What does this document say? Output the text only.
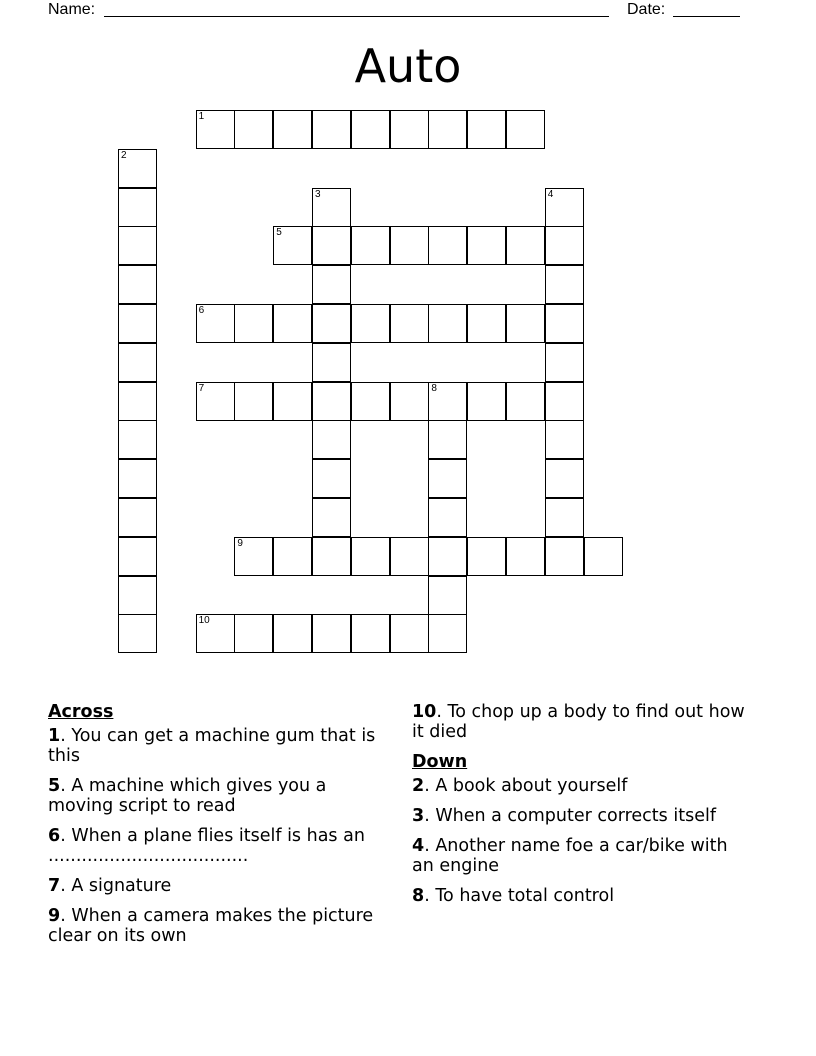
Name:	Date:
Auto
1
2
3	4
5
6
7	8
9
10
Across
1. You can get a machine gum that is this
5. A machine which gives you a moving script to read
6. When a plane flies itself is has an ....................................
7. A signature
9. When a camera makes the picture clear on its own
10. To chop up a body to find out how it died
Down
2. A book about yourself
3. When a computer corrects itself
4. Another name foe a car/bike with an engine
8. To have total control
